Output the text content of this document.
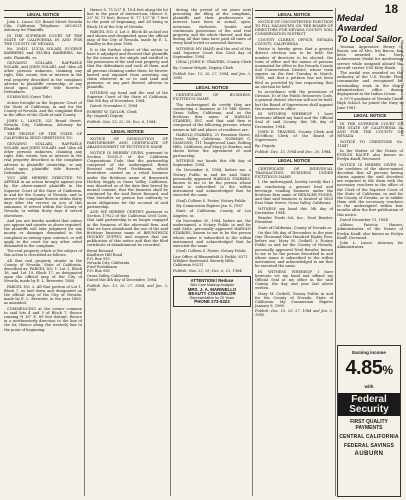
18
Nevada City, California, Thursday, December 13, 1984
LEGAL NOTICE
John L. Lance 321 Broad Street Nevada City, California Telephone: 265-6221 Attorney for Plaintiffs
IN THE SUPERIOR COURT OF THE STATE OF CALIFORNIA IN AND FOR THE COUNTY OF NEVADA
No. 30431. LUCIA SOLARI, EUGENE BARBERIS and ELVIRA BARBERIS, his wife, Plaintiffs, vs.
GIOVANNI SOLLARI, RAFFAELE SOLARI, and JOHN SOLARI, and "Also all other persons unknown, claiming any right, title, estate, lien or interest in the real property described in the complaint adverse to plaintiffs' ownership, or any cloud upon plaintiffs' title thereto," Defendants.
SUMMONS (Quiet Title)
Action brought in the Superior Court of the State of California, in and for the County of Nevada, and the complaint filed in the office of the Clerk of said County.
JOHN L. LANCE, 321 Broad Street, Nevada City, California, Attorney for Plaintiffs
THE PEOPLE OF THE STATE OF CALIFORNIA SEND GREETINGS TO:
GIOVANNI SOLLARI, RAFFAELE SOLARI, and JOHN SOLARI, and "Also all other persons unknown, claiming any right, title, estate, lien or interest in the real property described in the complaint adverse to plaintiffs' ownership, or any cloud upon plaintiffs' title thereto," Defendants.
YOU ARE HEREBY DIRECTED TO APPEAR in an action brought against you by the above-named plaintiffs in the Superior Court of the State of California, in and for the County of Nevada, and to answer the complaint therein within thirty days after the service on you of this summons, if served within the County of Nevada; or within thirty days if served elsewhere.
And you are hereby notified that unless you appear and answer as above required, the plaintiffs will take judgment for any money or damages demanded in the complaint as arising upon contract, or will apply to the court for any other relief demanded in the complaint.
The real property which is the subject of this action is described as follows:
All that real property situate in the County of Nevada, State of California, described as: PARCEL NO. 1: Lot 1, Block 16, and Lot 19, Block 17, as designated upon the official map of the City of Nevada, made by E. L. Brewster, 1880.
PARCEL NO. 2: All that portion of Lot 1, Block 7, as laid down and designated on the official map of the City of Nevada, made by E. L. Brewster, in the year 1880, as amended.
COMMENCING at the corner common to said lots 4 and 5 of Block 7, thence running N 16° E. 69 feet distant; thence in a northeasterly direction to the line of the lot; thence along the westerly line to the point of beginning.
thence S. 75 1/2° E. 18.4 feet along the lot line to the point of intersection; thence S. 23° W. 71 feet; thence N. 77 1/2° W. 7 feet to the point of beginning; and all being in Block 18 of the City of Nevada.
PARCEL NO. 3: Lot 3, Block 48 as laid out and shown and designated upon the official map of the City of Nevada, made by E. L. Bradley in the year 1880.
It is the further object of this action to have it adjudged and decreed that plaintiffs be the owners in fee simple and entitled to the possession of the said real property, and that the defendants and each of them, and all persons claiming under them, be forever barred and enjoined from asserting any claim whatever in or to said land and premises, or any part thereof, adverse to plaintiffs.
WITNESS my hand and the seal of the Superior Court of the State of California, this 5th day of November, 1984.
Dated: November 5, 1984
ROBERT W. TAYLOR, Clerk
By: (signed) Deputy
Publish: Nov. 15, 22, 29; Dec. 6, 1984.
LEGAL NOTICE
NOTICE OF DISSOLUTION OF PARTNERSHIP AND CERTIFICATE OF ABANDONMENT OF FICTITIOUS NAME
NOTICE IS HEREBY GIVEN, pursuant to Section 15035.5 of the California Corporations Code, that the partnership composed of the undersigned, Brent Bossard and Fred Poehlmann, which heretofore carried on a retail business under the fictitious name of Brunswick Hockey Supply in Grass Valley, California, was dissolved as of the date first hereof by mutual consent, that the business shall be continued by the said Brent Bossard, and that hereafter no person has authority to incur obligations for the account of said partnership.
AND WE HEREBY CERTIFY pursuant to Section 17922 of the California Civil Code, that said partnership is no longer engaged in the business of the aforesaid firm, and that we have abandoned the use of the said fictitious business name of BRUNSWICK HOCKEY SUPPLY, and request that our publication of this notice and that the filed certificate of abandonment be recorded.
Brent Bossard
Knolltree Hill Road
P.O. Box 933
Nevada City, California
Fred Poehlmann
P.O. Box 958
Grass Valley, California
Dated this 4th day of December, 1984.
Publish Dec. 13, 20, 27, 1984, and Jan. 3, 1985.
during the period of six years next preceding the filing of the complaint, plaintiffs and their predecessors in interest have been in actual, open, notorious, exclusive, hostile and continuous possession of the said real property, and the whole thereof, and that during all that time have paid all taxes of every kind levied or assessed thereon.
WITNESS MY HAND and the seal of the said Superior Court this 22nd day of September, 1984.
(SEAL) JOHN E. TRAVERS, County Clerk
By: Connie Wright, Deputy Clerk
Publish Dec. 13, 20, 27, 1984, and Jan. 3, 1985.
LEGAL NOTICE
CERTIFICATE OF BUSINESS, FICTITIOUS NAME
The undersigned do certify they are conducting a business at 19 Mill Street, Grass Valley, California, and as the fictitious firm name of HAROLD STARKES, INC. and that said firm is composed of the following persons, whose names in full and places of residence are:
HAROLD STARKES, 21 Fountain Street, Grass Valley, California; NORMAN G. DIAMOND, 111 Tanglewood Lane, Rolling Hills, California; and Mary Jo Starkes, and shows below the agreement of said partnership.
WITNESS our hands this 6th day of September, 1984.
On November 6, 1984, before me, a Notary Public in and for said State, personally appeared HAROLD STARKES, known to me to be the person whose name is subscribed to the within instrument and acknowledged that he executed the same.
(Seal) Colleen S. Foster, Notary Public
My Commission Expires Jan. 8, 1987
State of California, County of Los Angeles, ss.
On November 20, 1984, before me, the undersigned, a Notary Public in and for said State, personally appeared HAROLD STARKES, known to me to be the person whose name is subscribed to the within instrument and acknowledged that he executed the same.
(Seal) Colleen S. Foster, Notary Public
Law Office of Blumenfeld & Finkle, 8371 Wilshire Boulevard, Beverly Hills, California 90211
Publish: Nov. 22, 29; Dec. 6, 13, 1984.
ATTENTION!! Reduce
Skin Care Makeup Analysis
MRS. J. A. MARINELLO
BEAUTY COUNSELOR
Representative for 25 Years
PHONE 273-5323
LEGAL NOTICE
NOTICE OF UNCONTESTED ELECTION TO FILL VACANCIES ON THE BOARD OF DIRECTORS FOR NEVADA COUNTY SOIL CONSERVATION DISTRICT
COUNTY CLERK'S OFFICE, NEVADA COUNTY, CALIFORNIA
Notice is hereby given that a general district election was to be held; the number of directors to be elected, the term of office and the names of persons nominated for office in the Nevada County Soil Conservation District; whose term expires on the first Tuesday in March, 1985, and that a petition has not been filed as provided by law requesting that an election be held.
In accordance with the provisions of Division 10 of the Public Resources Code, a general district election will not be held, but the Board of Supervisors shall appoint the nominees to office.
IN WITNESS WHEREOF I have hereunto affixed my hand and the Official Seal of said County, this 5th day of December, 1984.
JOHN E. TRAVERS, County Clerk and Ex-Officio Clerk of the Board of Supervisors
By: Deputy
Publish: Dec. 13, 1984 and Dec. 20, 1984.
LEGAL NOTICE
CERTIFICATE OF INDIVIDUAL TRANSACTING BUSINESS UNDER FICTITIOUS NAME
I, the undersigned, hereby certify that I am conducting a general food and beverage vending business under the fictitious firm name of BENSLER FOODS, and that said business is located at 1620 East Main Street, Grass Valley, California.
WITNESS my hand this 5th day of December, 1984.
Bensler Foods Sol, Inc., Neal Bensler, President
State of California, County of Nevada ss.
On this 5th day of December, in the year One Thousand Nine Hundred Eighty Four, before me, Mary M. Cutbell, a Notary Public in and for the County of Nevada, personally appeared Neal Bensler, known to me to be the person described in and whose name is subscribed to the within instrument, and acknowledged to me that he executed the same.
IN WITNESS WHEREOF I have hereunto set my hand and affixed my Official Seal at my office in the said County, the day and year last above written.
Mary M. Cutbell, Notary Public in and for the County of Nevada, State of California. My Commission Expires January 8, 1989.
Publish: Dec. 13, 20, 27, 1984 and Jan. 3, 1985.
Medal Awarded
To Local Sailor
Yeoman Apprentice Henry G. Bacon, son of Mrs. Iris Bacon, has been awarded the Navy Achievement Medal for meritorious service while assigned aboard the aircraft carrier USS Kitty Hawk.
The medal was awarded on the authority of the U.S. Pacific Fleet commander and recognized his outstanding work in the ship's administration office during deployment in the Indian Ocean.
A 1979 graduate of Nevada Union High School, he joined the Navy in June 1981.
LEGAL NOTICE
IN THE SUPERIOR COURT OF THE STATE OF CALIFORNIA IN AND FOR THE COUNTY OF NEVADA
NOTICE TO CREDITORS No. 11447
In the Matter of the Estate of EVELYN KAUFF, also known as Evelyn Kauff, Deceased.
NOTICE IS HEREBY GIVEN to the creditors of the above-named decedent that all persons having claims against the said decedent are required to file them with the necessary vouchers in the office of the Clerk of the Superior Court of the State of California, in and for the County of Nevada, or to exhibit them with the necessary vouchers to the undersigned within four months after the first publication of this notice.
Dated December 11, 1984
Aldean Patricia Hauser, Administratrix of the Estate of Evelyn Kauff, also known as Evelyn Kauff, Deceased.
John L. Lance, Attorney for Administratrix
Earning income
4.85%
with
Federal
Security
FIRST QUALITY PAYMENTS
CENTRAL CALIFORNIA
FEDERAL SAVINGS
AUBURN
